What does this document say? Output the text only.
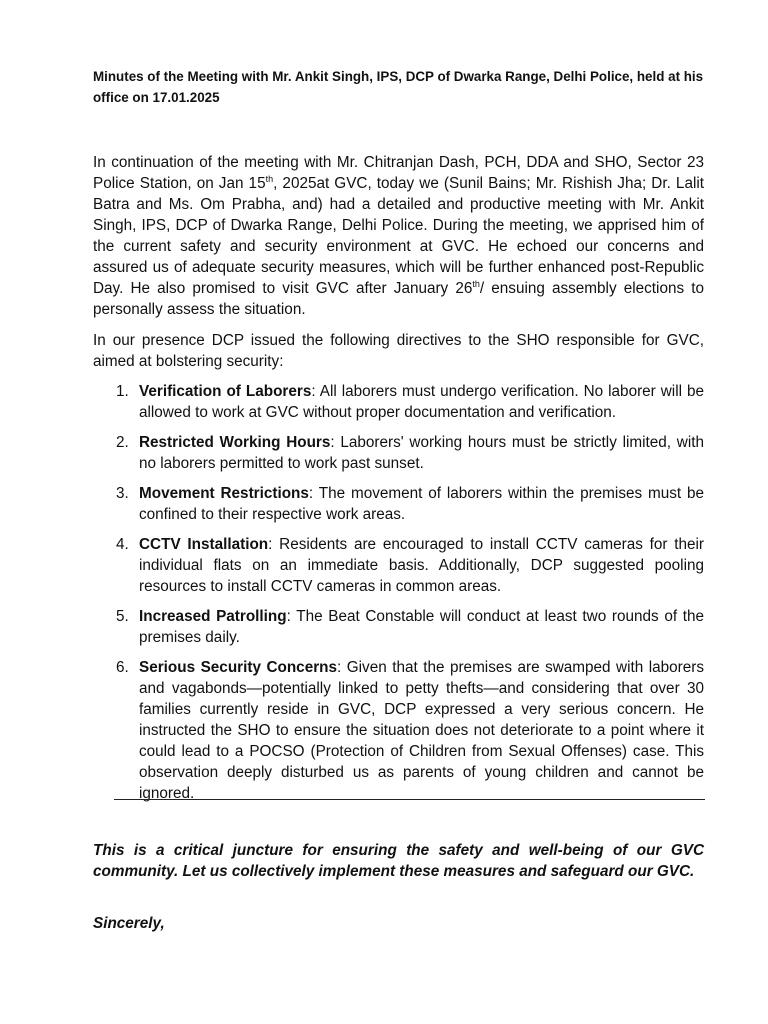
Minutes of the Meeting with Mr. Ankit Singh, IPS, DCP of Dwarka Range, Delhi Police, held at his office on 17.01.2025

In continuation of the meeting with Mr. Chitranjan Dash, PCH, DDA and SHO, Sector 23 Police Station, on Jan 15th, 2025at GVC, today we (Sunil Bains; Mr. Rishish Jha; Dr. Lalit Batra and Ms. Om Prabha, and) had a detailed and productive meeting with Mr. Ankit Singh, IPS, DCP of Dwarka Range, Delhi Police. During the meeting, we apprised him of the current safety and security environment at GVC. He echoed our concerns and assured us of adequate security measures, which will be further enhanced post-Republic Day. He also promised to visit GVC after January 26th/ ensuing assembly elections to personally assess the situation.

In our presence DCP issued the following directives to the SHO responsible for GVC, aimed at bolstering security:

1. Verification of Laborers: All laborers must undergo verification. No laborer will be allowed to work at GVC without proper documentation and verification.
2. Restricted Working Hours: Laborers' working hours must be strictly limited, with no laborers permitted to work past sunset.
3. Movement Restrictions: The movement of laborers within the premises must be confined to their respective work areas.
4. CCTV Installation: Residents are encouraged to install CCTV cameras for their individual flats on an immediate basis. Additionally, DCP suggested pooling resources to install CCTV cameras in common areas.
5. Increased Patrolling: The Beat Constable will conduct at least two rounds of the premises daily.
6. Serious Security Concerns: Given that the premises are swamped with laborers and vagabonds—potentially linked to petty thefts—and considering that over 30 families currently reside in GVC, DCP expressed a very serious concern. He instructed the SHO to ensure the situation does not deteriorate to a point where it could lead to a POCSO (Protection of Children from Sexual Offenses) case. This observation deeply disturbed us as parents of young children and cannot be ignored.

This is a critical juncture for ensuring the safety and well-being of our GVC community. Let us collectively implement these measures and safeguard our GVC.

Sincerely,
